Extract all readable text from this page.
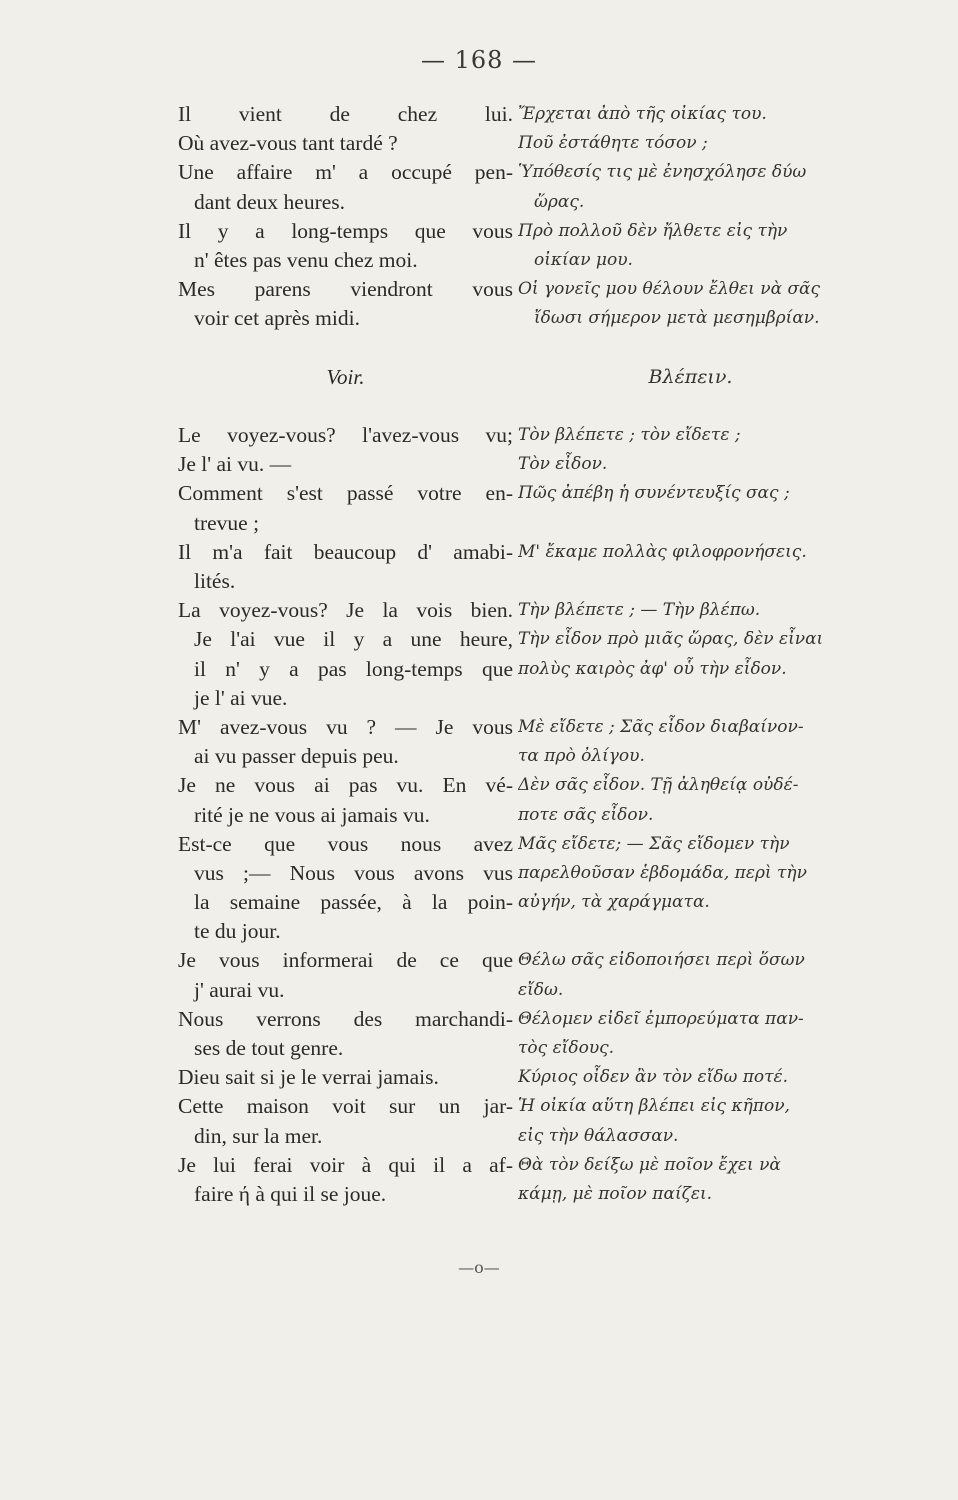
— 168 —
Il vient de chez lui.
Où avez-vous tant tardé ?
Une affaire m' a occupé pen-
dant deux heures.
Il y a long-temps que vous
n' êtes pas venu chez moi.
Mes parens viendront vous
voir cet après midi.
Voir.
Le voyez-vous? l'avez-vous vu;
Je l' ai vu. —
Comment s'est passé votre en-
trevue ;
Il m'a fait beaucoup d' amabi-
lités.
La voyez-vous? Je la vois bien.
Je l'ai vue il y a une heure,
il n' y a pas long-temps que
je l' ai vue.
M' avez-vous vu ? — Je vous
ai vu passer depuis peu.
Je ne vous ai pas vu. En vé-
rité je ne vous ai jamais vu.
Est-ce que vous nous avez
vus ;— Nous vous avons vus
la semaine passée, à la poin-
te du jour.
Je vous informerai de ce que
j' aurai vu.
Nous verrons des marchandi-
ses de tout genre.
Dieu sait si je le verrai jamais.
Cette maison voit sur un jar-
din, sur la mer.
Je lui ferai voir à qui il a af-
faire ή à qui il se joue.
Ἔρχεται ἀπὸ τῆς οἰκίας του.
Ποῦ ἐστάθητε τόσον ;
Ὑπόθεσίς τις μὲ ἐνησχόλησε δύω
ὥρας.
Πρὸ πολλοῦ δὲν ἤλθετε εἰς τὴν
οἰκίαν μου.
Οἱ γονεῖς μου θέλουν ἔλθει νὰ σᾶς
ἴδωσι σήμερον μετὰ μεσημβρίαν.
Βλέπειν.
Τὸν βλέπετε ; τὸν εἴδετε ;
Τὸν εἶδον.
Πῶς ἀπέβη ἡ συνέντευξίς σας ;
Μ' ἔκαμε πολλὰς φιλοφρονήσεις.
Τὴν βλέπετε ; — Τὴν βλέπω.
Τὴν εἶδον πρὸ μιᾶς ὥρας, δὲν εἶναι
πολὺς καιρὸς ἀφ' οὗ τὴν εἶδον.
Μὲ εἴδετε ; Σᾶς εἶδον διαβαίνον-
τα πρὸ ὀλίγου.
Δὲν σᾶς εἶδον. Τῇ ἀληθείᾳ οὐδέ-
ποτε σᾶς εἶδον.
Μᾶς εἴδετε; — Σᾶς εἴδομεν τὴν
παρελθοῦσαν ἑβδομάδα, περὶ τὴν
αὐγήν, τὰ χαράγματα.
Θέλω σᾶς εἰδοποιήσει περὶ ὅσων
εἴδω.
Θέλομεν εἰδεῖ ἐμπορεύματα παν-
τὸς εἴδους.
Κύριος οἶδεν ἂν τὸν εἴδω ποτέ.
Ἡ οἰκία αὕτη βλέπει εἰς κῆπον,
εἰς τὴν θάλασσαν.
Θὰ τὸν δείξω μὲ ποῖον ἔχει νὰ
κάμῃ, μὲ ποῖον παίζει.
—o—
